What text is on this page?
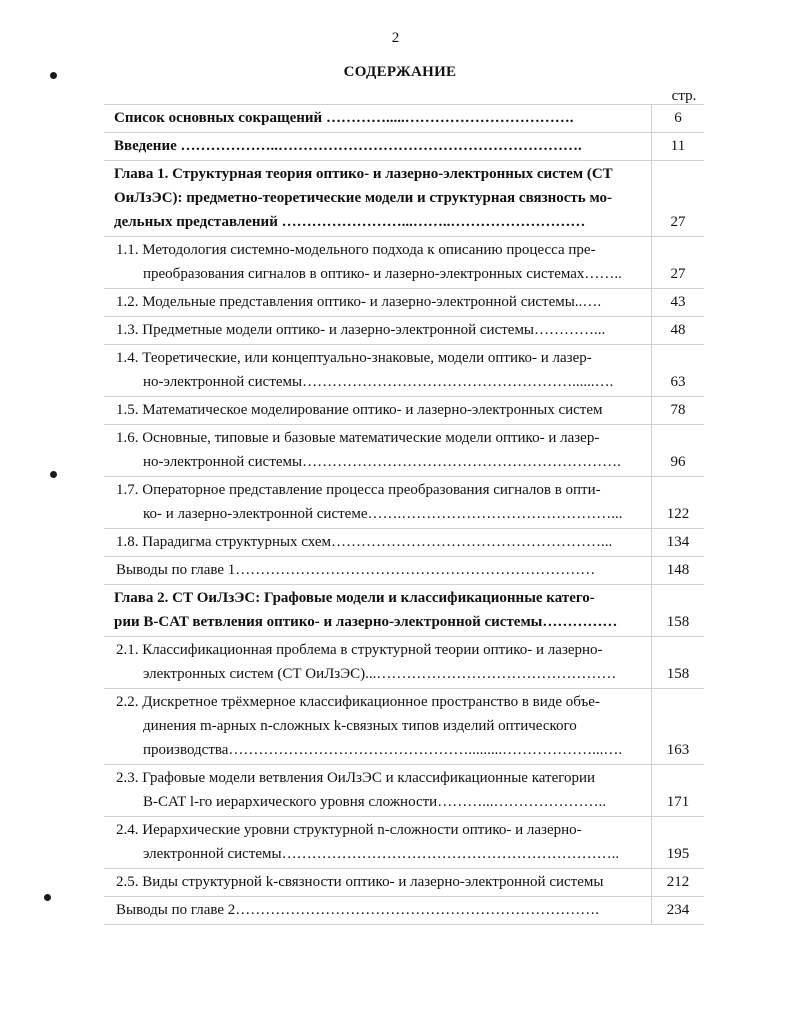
2
СОДЕРЖАНИЕ
стр.
Список основных сокращений ………….....…………………………….	6

Введение ………………..…………………………………………………….	11

Глава 1. Структурная теория оптико- и лазерно-электронных систем (СТ
ОиЛзЭС): предметно-теоретические модели и структурная связность мо-
дельных представлений ……………………...……..………………………	27

1.1. Методология системно-модельного подхода к описанию процесса пре-
преобразования сигналов в оптико- и лазерно-электронных системах……..	27

1.2. Модельные представления оптико- и лазерно-электронной системы..….	43

1.3. Предметные модели оптико- и лазерно-электронной системы…………...	48

1.4. Теоретические, или концептуально-знаковые, модели оптико- и лазер-
но-электронной системы………………………………………………......….	63

1.5. Математическое моделирование оптико- и лазерно-электронных систем	78

1.6. Основные, типовые и базовые математические модели оптико- и лазер-
но-электронной системы……………………………………………………….	96

1.7. Операторное представление процесса преобразования сигналов в опти-
ко- и лазерно-электронной системе…….……………………………………...	122

1.8. Парадигма структурных схем………………………………………………...	134

Выводы по главе 1………………………………………………………………	148

Глава 2. СТ ОиЛзЭС: Графовые модели и классификационные катего-
рии B-CAT ветвления оптико- и лазерно-электронной системы……………	158

2.1. Классификационная проблема в структурной теории оптико- и лазерно-
электронных систем (СТ ОиЛзЭС)...…………………………………………	158

2.2. Дискретное трёхмерное классификационное пространство в виде объе-
динения m-арных n-сложных k-связных типов изделий оптического
производства………………………………………….........………………...….	163

2.3. Графовые модели ветвления ОиЛзЭС и классификационные категории
B-CAT l-го иерархического уровня сложности………...…………………..	171

2.4. Иерархические уровни структурной n-сложности оптико- и лазерно-
электронной системы…………………………………………………………..	195

2.5. Виды структурной k-связности оптико- и лазерно-электронной системы	212

Выводы по главе 2……………………………………………………………….	234
